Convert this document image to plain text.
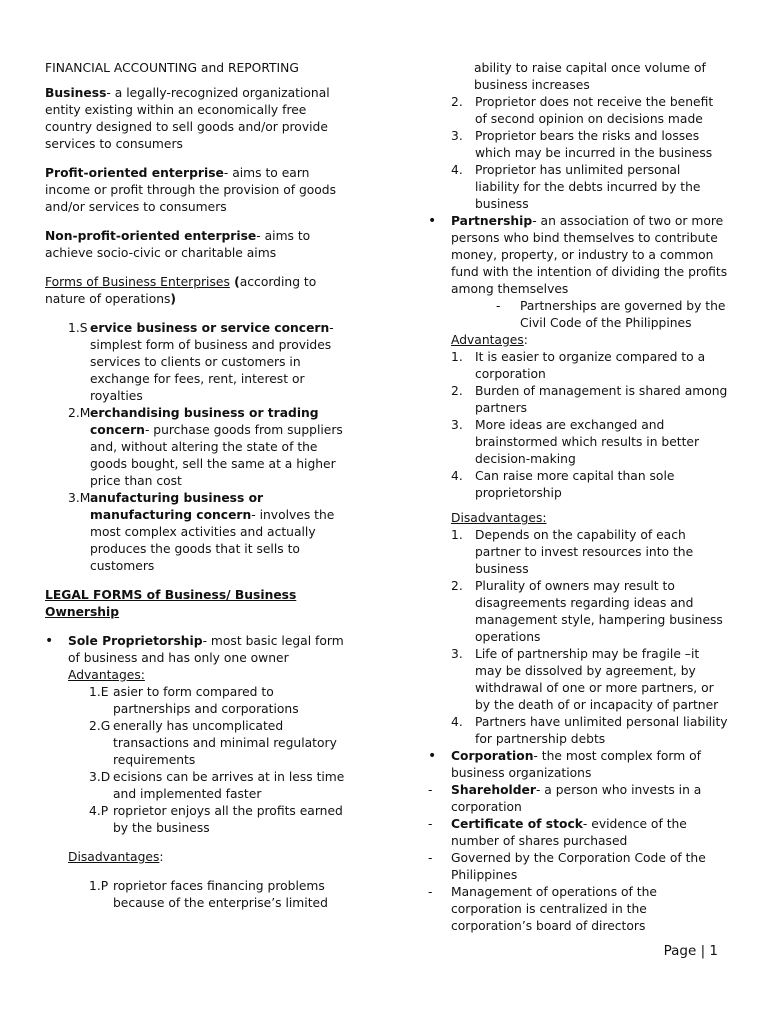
FINANCIAL ACCOUNTING and REPORTING

Business- a legally-recognized organizational entity existing within an economically free country designed to sell goods and/or provide services to consumers

Profit-oriented enterprise- aims to earn income or profit through the provision of goods and/or services to consumers

Non-profit-oriented enterprise- aims to achieve socio-civic or charitable aims

Forms of Business Enterprises (according to nature of operations)

1.S ervice business or service concern- simplest form of business and provides services to clients or customers in exchange for fees, rent, interest or royalties
2.M erchandising business or trading concern- purchase goods from suppliers and, without altering the state of the goods bought, sell the same at a higher price than cost
3.M anufacturing business or manufacturing concern- involves the most complex activities and actually produces the goods that it sells to customers

LEGAL FORMS of Business/ Business Ownership

•	Sole Proprietorship- most basic legal form of business and has only one owner

Advantages:

1.E asier to form compared to partnerships and corporations
2.G enerally has uncomplicated transactions and minimal regulatory requirements
3.D ecisions can be arrives at in less time and implemented faster
4.P roprietor enjoys all the profits earned by the business

Disadvantages:

1.P roprietor faces financing problems because of the enterprise’s limited

ability to raise capital once volume of business increases

2. Proprietor does not receive the benefit of second opinion on decisions made
3. Proprietor bears the risks and losses which may be incurred in the business
4. Proprietor has unlimited personal liability for the debts incurred by the business
•	Partnership- an association of two or more persons who bind themselves to contribute money, property, or industry to a common fund with the intention of dividing the profits among themselves
-	Partnerships are governed by the Civil Code of the Philippines

Advantages:

1. It is easier to organize compared to a corporation
2. Burden of management is shared among partners
3. More ideas are exchanged and brainstormed which results in better decision-making
4. Can raise more capital than sole proprietorship

Disadvantages:

1. Depends on the capability of each partner to invest resources into the business
2. Plurality of owners may result to disagreements regarding ideas and management style, hampering business operations
3. Life of partnership may be fragile –it may be dissolved by agreement, by withdrawal of one or more partners, or by the death of or incapacity of partner
4. Partners have unlimited personal liability for partnership debts
•	Corporation- the most complex form of business organizations
-	Shareholder- a person who invests in a corporation
-	Certificate of stock- evidence of the number of shares purchased
-	Governed by the Corporation Code of the Philippines
-	Management of operations of the corporation is centralized in the corporation’s board of directors
Page | 1
